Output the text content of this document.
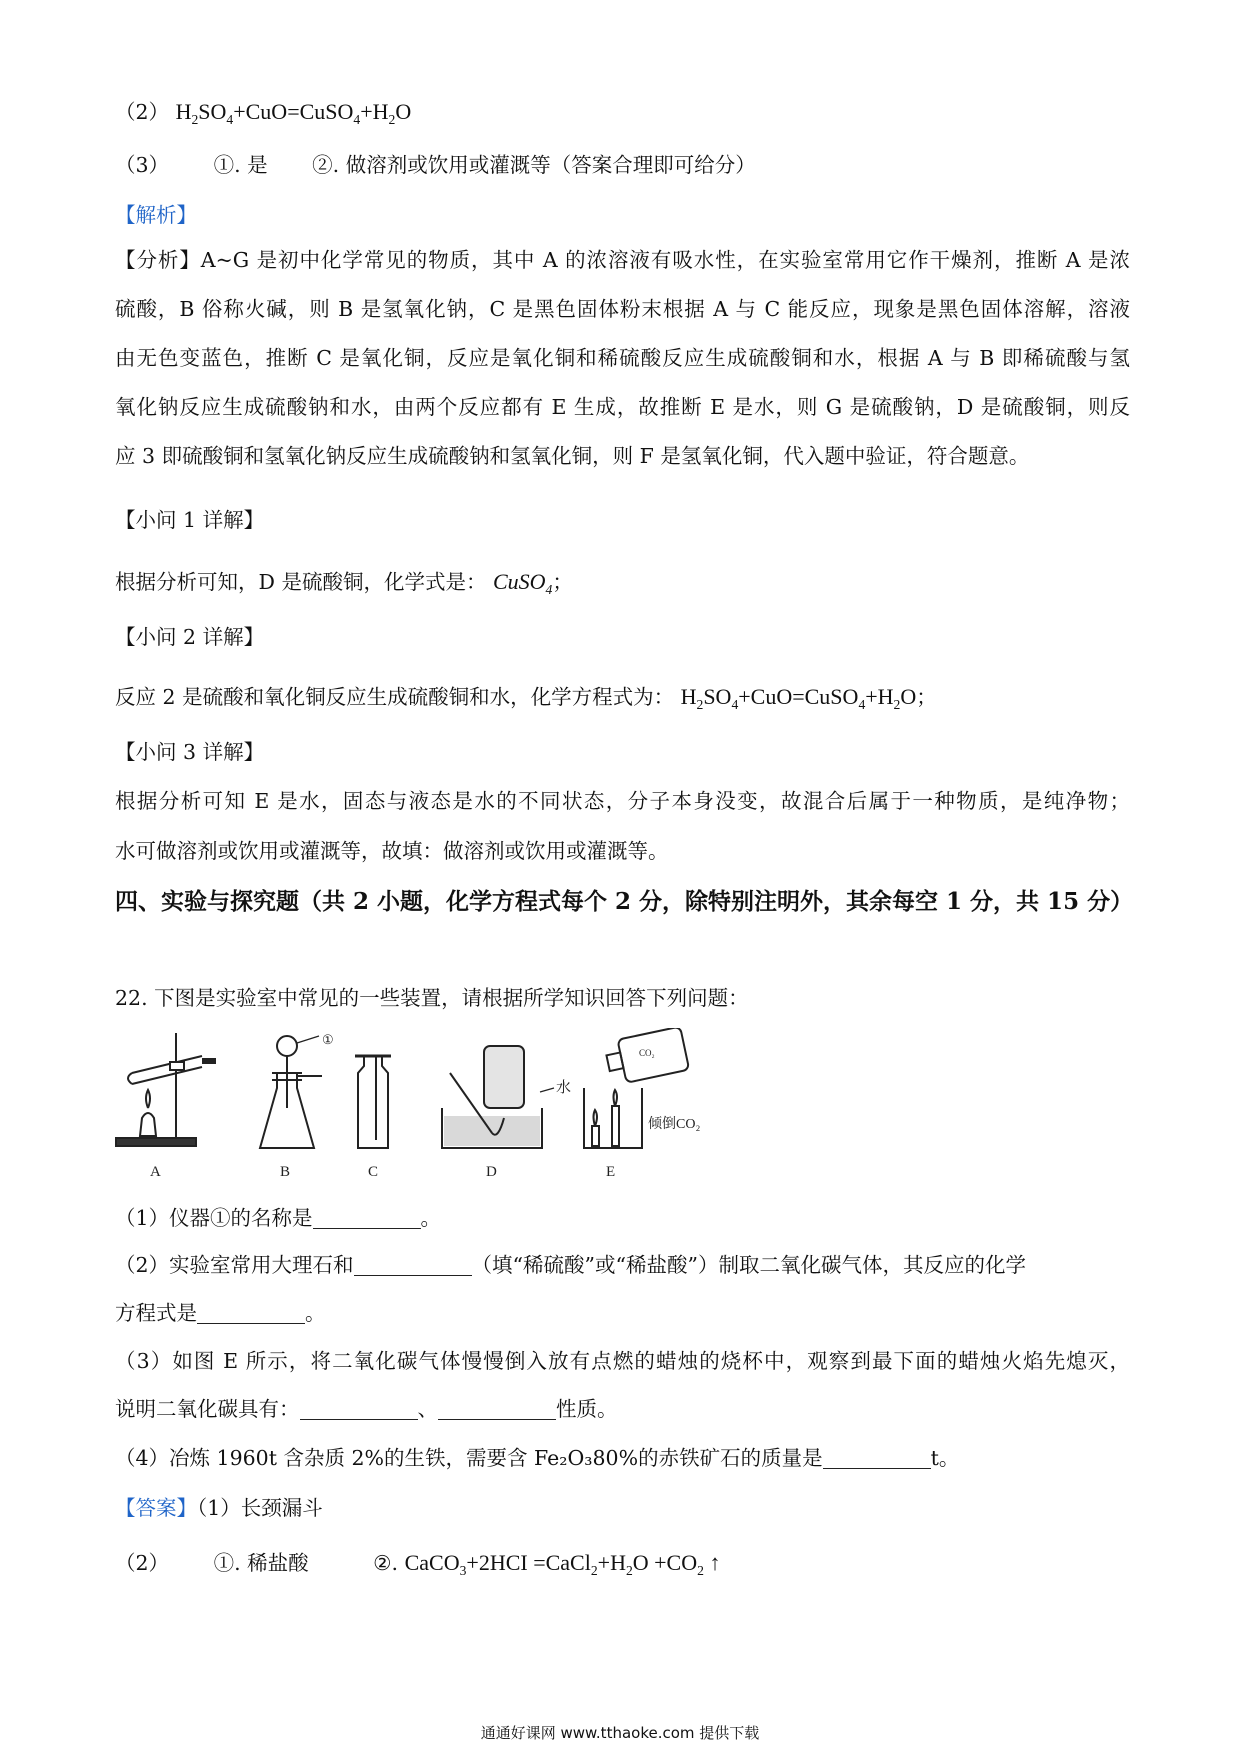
（2） $H_2SO_4+CuO=CuSO_4+H_2O$
（3） ①. 是 ②. 做溶剂或饮用或灌溉等（答案合理即可给分）
【解析】
【分析】A~G 是初中化学常见的物质，其中 A 的浓溶液有吸水性，在实验室常用它作干燥剂，推断 A 是浓
硫酸，B 俗称火碱，则 B 是氢氧化钠，C 是黑色固体粉末根据 A 与 C 能反应，现象是黑色固体溶解，溶液
由无色变蓝色，推断 C 是氧化铜，反应是氧化铜和稀硫酸反应生成硫酸铜和水，根据 A 与 B 即稀硫酸与氢
氧化钠反应生成硫酸钠和水，由两个反应都有 E 生成，故推断 E 是水，则 G 是硫酸钠，D 是硫酸铜，则反
应 3 即硫酸铜和氢氧化钠反应生成硫酸钠和氢氧化铜，则 F 是氢氧化铜，代入题中验证，符合题意。
【小问 1 详解】
根据分析可知，D 是硫酸铜，化学式是： CuSO$_4$；
【小问 2 详解】
反应 2 是硫酸和氧化铜反应生成硫酸铜和水，化学方程式为： $H_2SO_4+CuO=CuSO_4+H_2O$；
【小问 3 详解】
根据分析可知 E 是水，固态与液态是水的不同状态，分子本身没变，故混合后属于一种物质，是纯净物；
水可做溶剂或饮用或灌溉等，故填：做溶剂或饮用或灌溉等。
四、实验与探究题（共 2 小题，化学方程式每个 2 分，除特别注明外，其余每空 1 分，共 15 分）
22. 下图是实验室中常见的一些装置，请根据所学知识回答下列问题：
①
水
CO₂
倾倒CO₂
A	B	C	D	E
（1）仪器①的名称是	。
（2）实验室常用大理石和	（填“稀硫酸”或“稀盐酸”）制取二氧化碳气体，其反应的化学
方程式是	。
（3）如图 E 所示，将二氧化碳气体慢慢倒入放有点燃的蜡烛的烧杯中，观察到最下面的蜡烛火焰先熄灭，
说明二氧化碳具有：	、	性质。
（4）冶炼 1960t 含杂质 2%的生铁，需要含 Fe₂O₃80%的赤铁矿石的质量是	t。
【答案】（1）长颈漏斗
（2） ①. 稀盐酸	②. CaCO$_3$+2HCI $=CaCl_2+H_2O +CO_2$ ↑
通通好课网 www.tthaoke.com 提供下载
